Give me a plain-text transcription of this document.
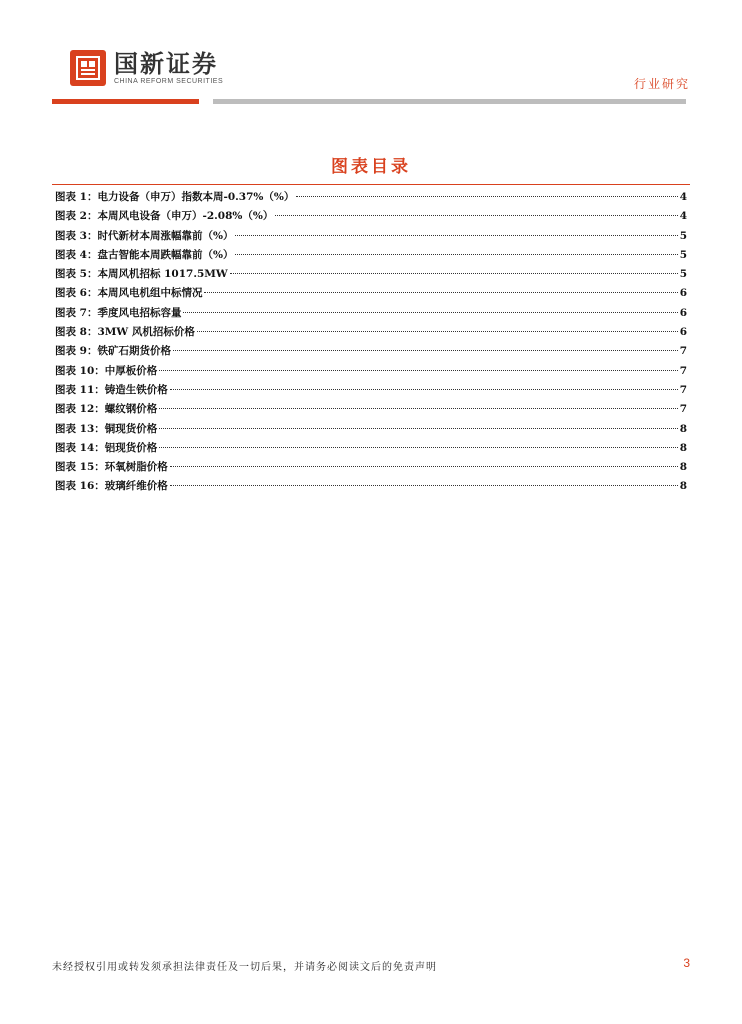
国新证券
CHINA REFORM SECURITIES	行业研究
图表目录
图表 1：电力设备（申万）指数本周-0.37%（%）	4
图表 2：本周风电设备（申万）-2.08%（%）	4
图表 3：时代新材本周涨幅靠前（%）	5
图表 4：盘古智能本周跌幅靠前（%）	5
图表 5：本周风机招标 1017.5MW	5
图表 6：本周风电机组中标情况	6
图表 7：季度风电招标容量	6
图表 8：3MW 风机招标价格	6
图表 9：铁矿石期货价格	7
图表 10：中厚板价格	7
图表 11：铸造生铁价格	7
图表 12：螺纹钢价格	7
图表 13：铜现货价格	8
图表 14：铝现货价格	8
图表 15：环氧树脂价格	8
图表 16：玻璃纤维价格	8
未经授权引用或转发须承担法律责任及一切后果，并请务必阅读文后的免责声明	3
